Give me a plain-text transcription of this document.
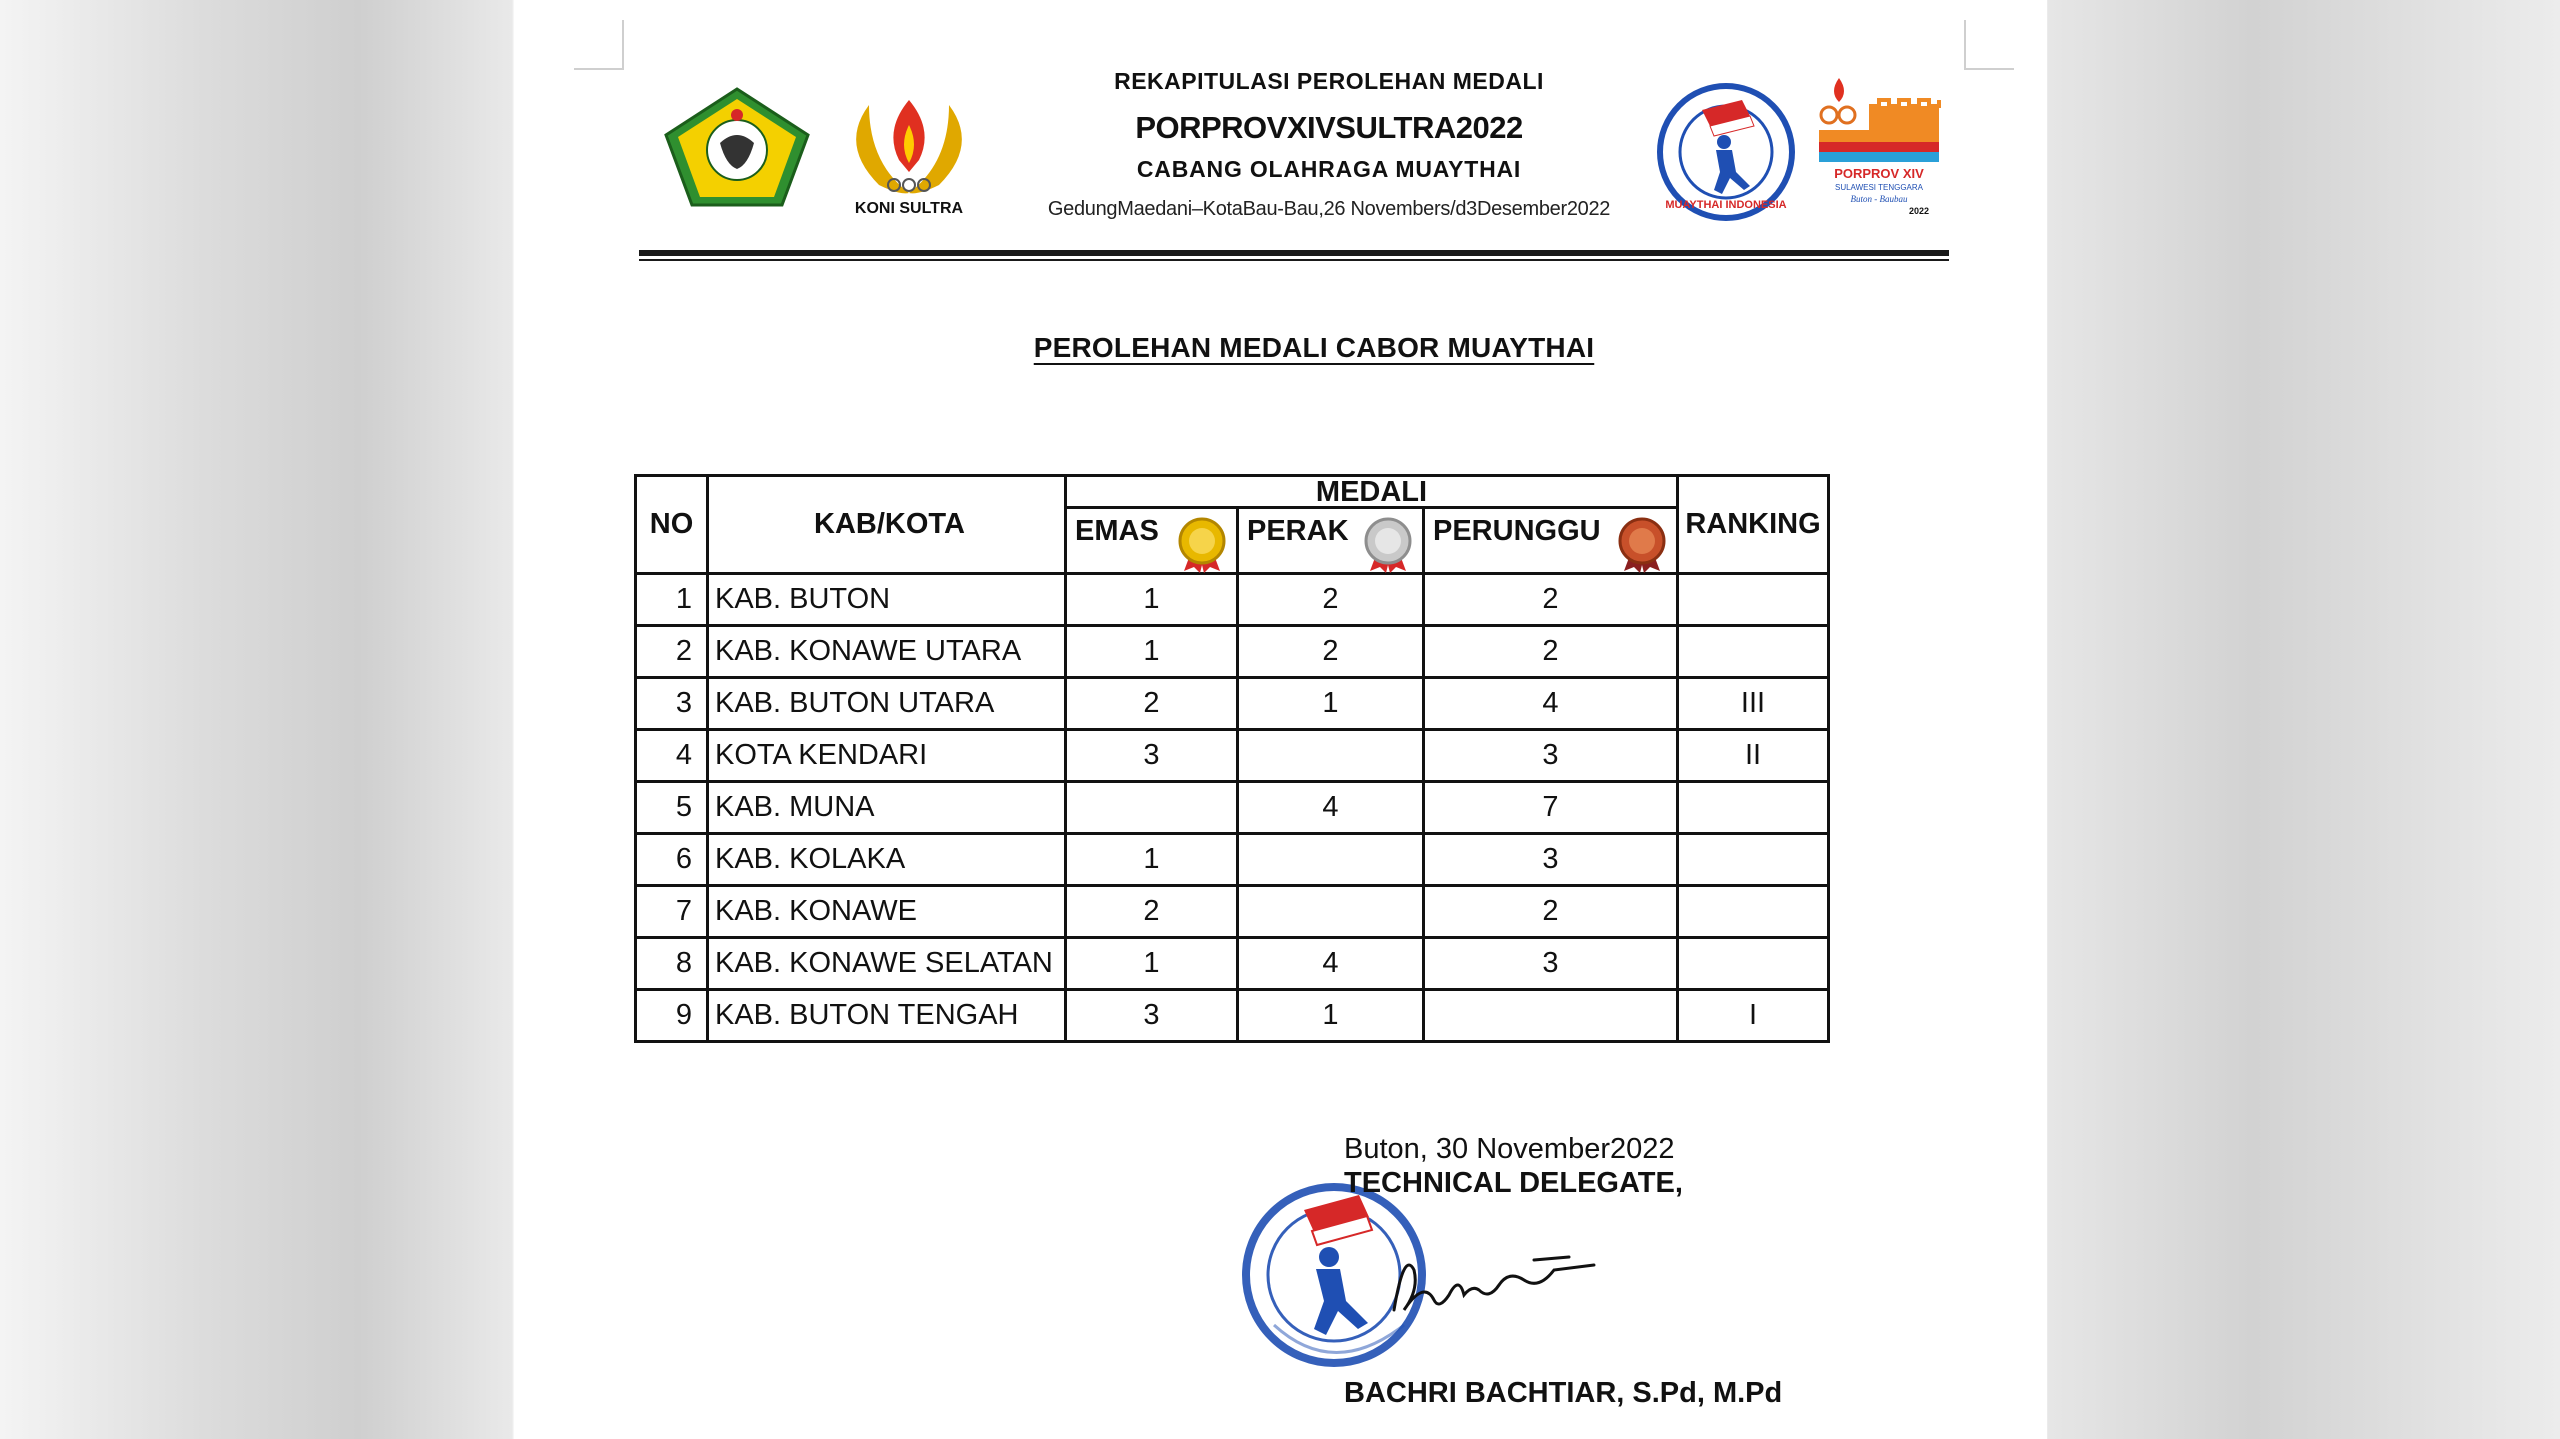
KONI SULTRA
REKAPITULASI PEROLEHAN MEDALI
PORPROVXIVSULTRA2022
CABANG OLAHRAGA MUAYTHAI
GedungMaedani–KotaBau-Bau,26 Novembers/d3Desember2022	MUAYTHAI INDONESIA
PORPROV XIV
SULAWESI TENGGARA
Buton - Baubau
2022
PEROLEHAN MEDALI CABOR MUAYTHAI
NO	KAB/KOTA	MEDALI			RANKING
		EMAS	PERAK	PERUNGGU	

1	KAB. BUTON	1	2	2	
2	KAB. KONAWE UTARA	1	2	2	
3	KAB. BUTON UTARA	2	1	4	III
4	KOTA KENDARI	3		3	II
5	KAB. MUNA		4	7	
6	KAB. KOLAKA	1		3	
7	KAB. KONAWE	2		2	
8	KAB. KONAWE SELATAN	1	4	3	
9	KAB. BUTON TENGAH	3	1		I
Buton, 30 November2022
TECHNICAL DELEGATE,
BACHRI BACHTIAR, S.Pd, M.Pd
